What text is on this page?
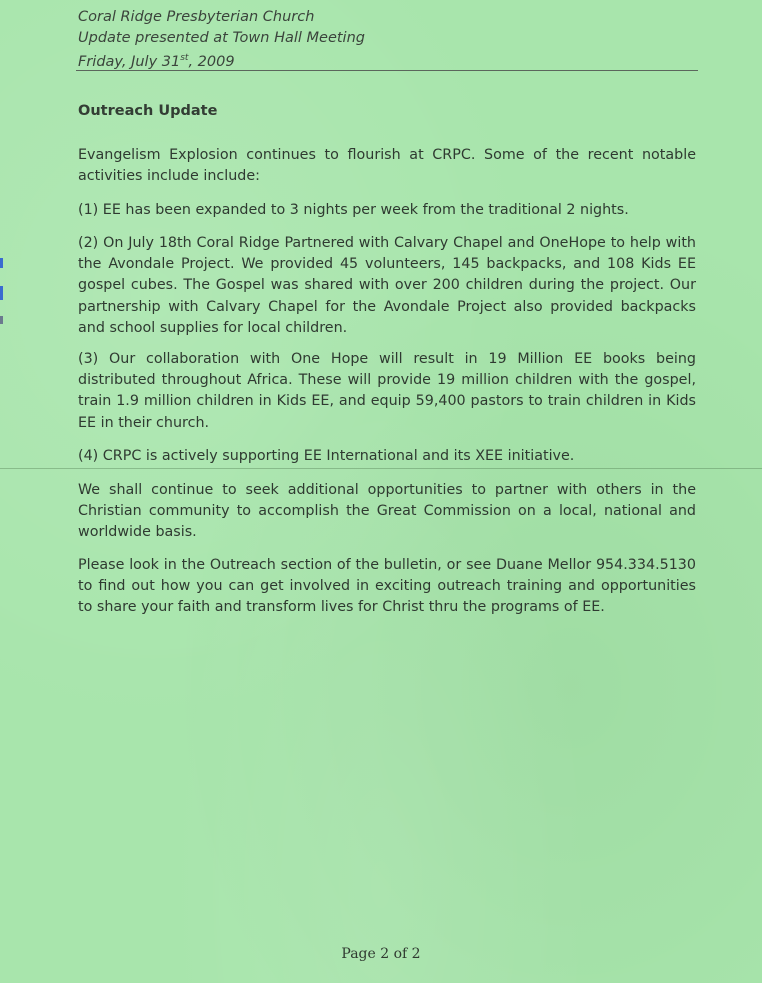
Coral Ridge Presbyterian Church
Update presented at Town Hall Meeting
Friday, July 31st, 2009
Outreach Update

Evangelism Explosion continues to flourish at CRPC. Some of the recent notable activities include include:

(1) EE has been expanded to 3 nights per week from the traditional 2 nights.

(2) On July 18th Coral Ridge Partnered with Calvary Chapel and OneHope to help with the Avondale Project. We provided 45 volunteers, 145 backpacks, and 108 Kids EE gospel cubes. The Gospel was shared with over 200 children during the project. Our partnership with Calvary Chapel for the Avondale Project also provided backpacks and school supplies for local children.

(3) Our collaboration with One Hope will result in 19 Million EE books being distributed throughout Africa. These will provide 19 million children with the gospel, train 1.9 million children in Kids EE, and equip 59,400 pastors to train children in Kids EE in their church.

(4) CRPC is actively supporting EE International and its XEE initiative.

We shall continue to seek additional opportunities to partner with others in the Christian community to accomplish the Great Commission on a local, national and worldwide basis.

Please look in the Outreach section of the bulletin, or see Duane Mellor 954.334.5130 to find out how you can get involved in exciting outreach training and opportunities to share your faith and transform lives for Christ thru the programs of EE.

Page 2 of 2
